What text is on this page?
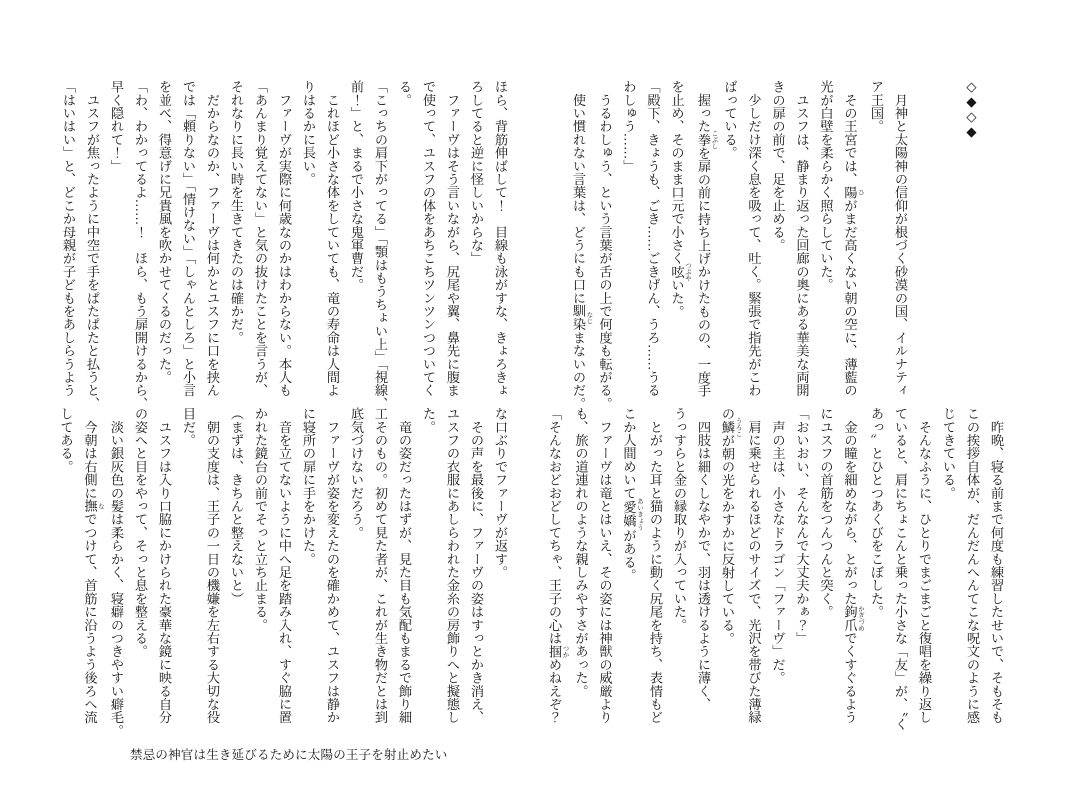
◇◆◇◆

　月神と太陽神の信仰が根づく砂漠の国、イルナティ

ア王国。

　その王宮では、陽 ひがまだ高くない朝の空に、薄藍の

光が白壁を柔らかく照らしていた。

　ユスフは、静まり返った回廊の奥にある華美な両開

きの扉の前で、足を止める。

　少しだけ深く息を吸って、吐く。緊張で指先がこわ

ばっている。

　握った拳 こぶしを扉の前に持ち上げかけたものの、一度手

を止め、そのまま口元で小さく呟 つぶやいた。

「殿下、きょうも、ごき……ごきげん、うろ……うる

わしゅう……」

　うるわしゅう、という言葉が舌の上で何度も転がる。

　使い慣れない言葉は、どうにも口に馴染 なじまないのだ。

　昨晩、寝る前まで何度も練習したせいで、そもそも

この挨拶自体が、だんだんへんてこな呪文のように感

じてきている。

　そんなふうに、ひとりでまごまごと復唱を繰り返し

ていると、肩にちょこんと乗った小さな「友」が、〝く

あっ〟とひとつあくびをこぼした。

　金の瞳を細めながら、とがった鉤爪 かぎづめでくすぐるよう

にユスフの首筋をつんつんと突く。

「おいおい、そんなんで大丈夫かぁ？」

　声の主は、小さなドラゴン「ファーヴ」だ。

　肩に乗せられるほどのサイズで、光沢を帯びた薄緑

の鱗 うろこが朝の光をかすかに反射している。

　四肢は細くしなやかで、羽は透けるように薄く、

うっすらと金の縁取りが入っていた。

　とがった耳と猫のように動く尻尾を持ち、表情もど

こか人間めいて愛嬌 あいきょうがある。

　ファーヴは竜とはいえ、その姿には神獣の威厳より

も、旅の道連れのような親しみやすさがあった。

「そんなおどおどしてちゃ、王子の心は掴 つかめねえぞ？

ほら、背筋伸ばして！　目線も泳がすな、きょろきょ

ろしてると逆に怪しいからな」

　ファーヴはそう言いながら、尻尾や翼、鼻先に腹ま

で使って、ユスフの体をあちこちツンツンつついてく

る。

「こっちの肩下がってる」「顎はもうちょい上」「視線、

前！」と、まるで小さな鬼軍曹だ。

　これほど小さな体をしていても、竜の寿命は人間よ

りはるかに長い。

　ファーヴが実際に何歳なのかはわからない。本人も

「あんまり覚えてない」と気の抜けたことを言うが、

それなりに長い時を生きてきたのは確かだ。

　だからなのか、ファーヴは何かとユスフに口を挟ん

では「頼りない」「情けない」「しゃんとしろ」と小言

を並べ、得意げに兄貴風を吹かせてくるのだった。

「わ、わかってるよ……！　ほら、もう扉開けるから、

早く隠れて！」

　ユスフが焦ったように中空で手をぱたぱたと払うと、

「はいはい」と、どこか母親が子どもをあしらうよう

な口ぶりでファーヴが返す。

　その声を最後に、ファーヴの姿はすっとかき消え、

ユスフの衣服にあしらわれた金糸の房飾りへと擬態し

た。

　竜の姿だったはずが、見た目も気配もまるで飾り細

工そのもの。初めて見た者が、これが生き物だとは到

底気づけないだろう。

　ファーヴが姿を変えたのを確かめて、ユスフは静か

に寝所の扉に手をかけた。

　音を立てないように中へ足を踏み入れ、すぐ脇に置

かれた鏡台の前でそっと立ち止まる。

（まずは、きちんと整えないと）

　朝の支度は、王子の一日の機嫌を左右する大切な役

目だ。

　ユスフは入り口脇にかけられた豪華な鏡に映る自分

の姿へと目をやって、そっと息を整える。

　淡い銀灰色の髪は柔らかく、寝癖のつきやすい癖毛。

　今朝は右側に撫 なでつけて、首筋に沿うよう後ろへ流

してある。

禁忌の神官は生き延びるために太陽の王子を射止めたい
